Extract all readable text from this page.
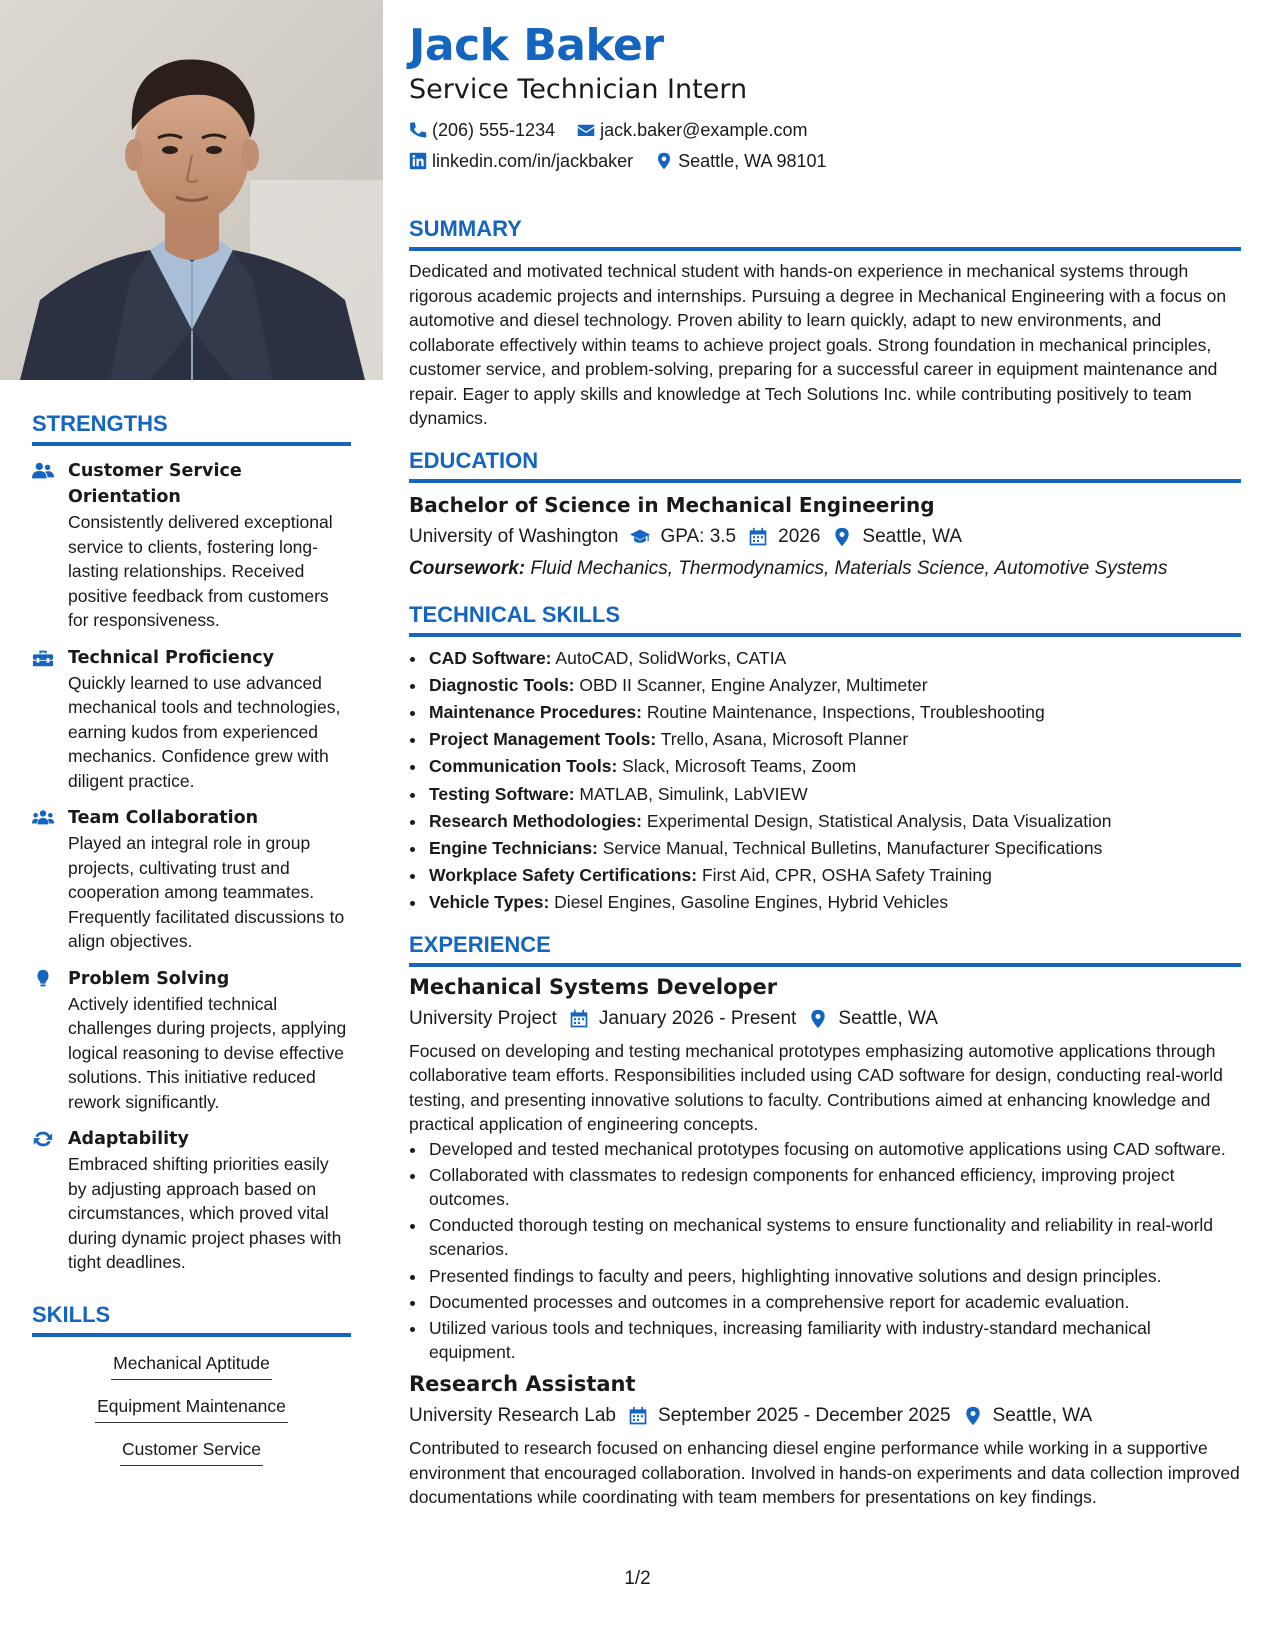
STRENGTHS
Customer Service Orientation
Consistently delivered exceptional service to clients, fostering long-lasting relationships. Received positive feedback from customers for responsiveness.
Technical Proficiency
Quickly learned to use advanced mechanical tools and technologies, earning kudos from experienced mechanics. Confidence grew with diligent practice.
Team Collaboration
Played an integral role in group projects, cultivating trust and cooperation among teammates. Frequently facilitated discussions to align objectives.
Problem Solving
Actively identified technical challenges during projects, applying logical reasoning to devise effective solutions. This initiative reduced rework significantly.
Adaptability
Embraced shifting priorities easily by adjusting approach based on circumstances, which proved vital during dynamic project phases with tight deadlines.
SKILLS
Mechanical Aptitude
Equipment Maintenance
Customer Service
Jack Baker
Service Technician Intern
(206) 555-1234	jack.baker@example.com
linkedin.com/in/jackbaker	Seattle, WA 98101
SUMMARY
Dedicated and motivated technical student with hands-on experience in mechanical systems through rigorous academic projects and internships. Pursuing a degree in Mechanical Engineering with a focus on automotive and diesel technology. Proven ability to learn quickly, adapt to new environments, and collaborate effectively within teams to achieve project goals. Strong foundation in mechanical principles, customer service, and problem-solving, preparing for a successful career in equipment maintenance and repair. Eager to apply skills and knowledge at Tech Solutions Inc. while contributing positively to team dynamics.
EDUCATION
Bachelor of Science in Mechanical Engineering
University of Washington GPA: 3.5 2026 Seattle, WA
Coursework: Fluid Mechanics, Thermodynamics, Materials Science, Automotive Systems
TECHNICAL SKILLS
• CAD Software: AutoCAD, SolidWorks, CATIA
• Diagnostic Tools: OBD II Scanner, Engine Analyzer, Multimeter
• Maintenance Procedures: Routine Maintenance, Inspections, Troubleshooting
• Project Management Tools: Trello, Asana, Microsoft Planner
• Communication Tools: Slack, Microsoft Teams, Zoom
• Testing Software: MATLAB, Simulink, LabVIEW
• Research Methodologies: Experimental Design, Statistical Analysis, Data Visualization
• Engine Technicians: Service Manual, Technical Bulletins, Manufacturer Specifications
• Workplace Safety Certifications: First Aid, CPR, OSHA Safety Training
• Vehicle Types: Diesel Engines, Gasoline Engines, Hybrid Vehicles
EXPERIENCE
Mechanical Systems Developer
University Project January 2026 - Present Seattle, WA
Focused on developing and testing mechanical prototypes emphasizing automotive applications through collaborative team efforts. Responsibilities included using CAD software for design, conducting real-world testing, and presenting innovative solutions to faculty. Contributions aimed at enhancing knowledge and practical application of engineering concepts.
• Developed and tested mechanical prototypes focusing on automotive applications using CAD software.
• Collaborated with classmates to redesign components for enhanced efficiency, improving project outcomes.
• Conducted thorough testing on mechanical systems to ensure functionality and reliability in real-world scenarios.
• Presented findings to faculty and peers, highlighting innovative solutions and design principles.
• Documented processes and outcomes in a comprehensive report for academic evaluation.
• Utilized various tools and techniques, increasing familiarity with industry-standard mechanical equipment.
Research Assistant
University Research Lab September 2025 - December 2025 Seattle, WA
Contributed to research focused on enhancing diesel engine performance while working in a supportive environment that encouraged collaboration. Involved in hands-on experiments and data collection improved documentations while coordinating with team members for presentations on key findings.
1/2
